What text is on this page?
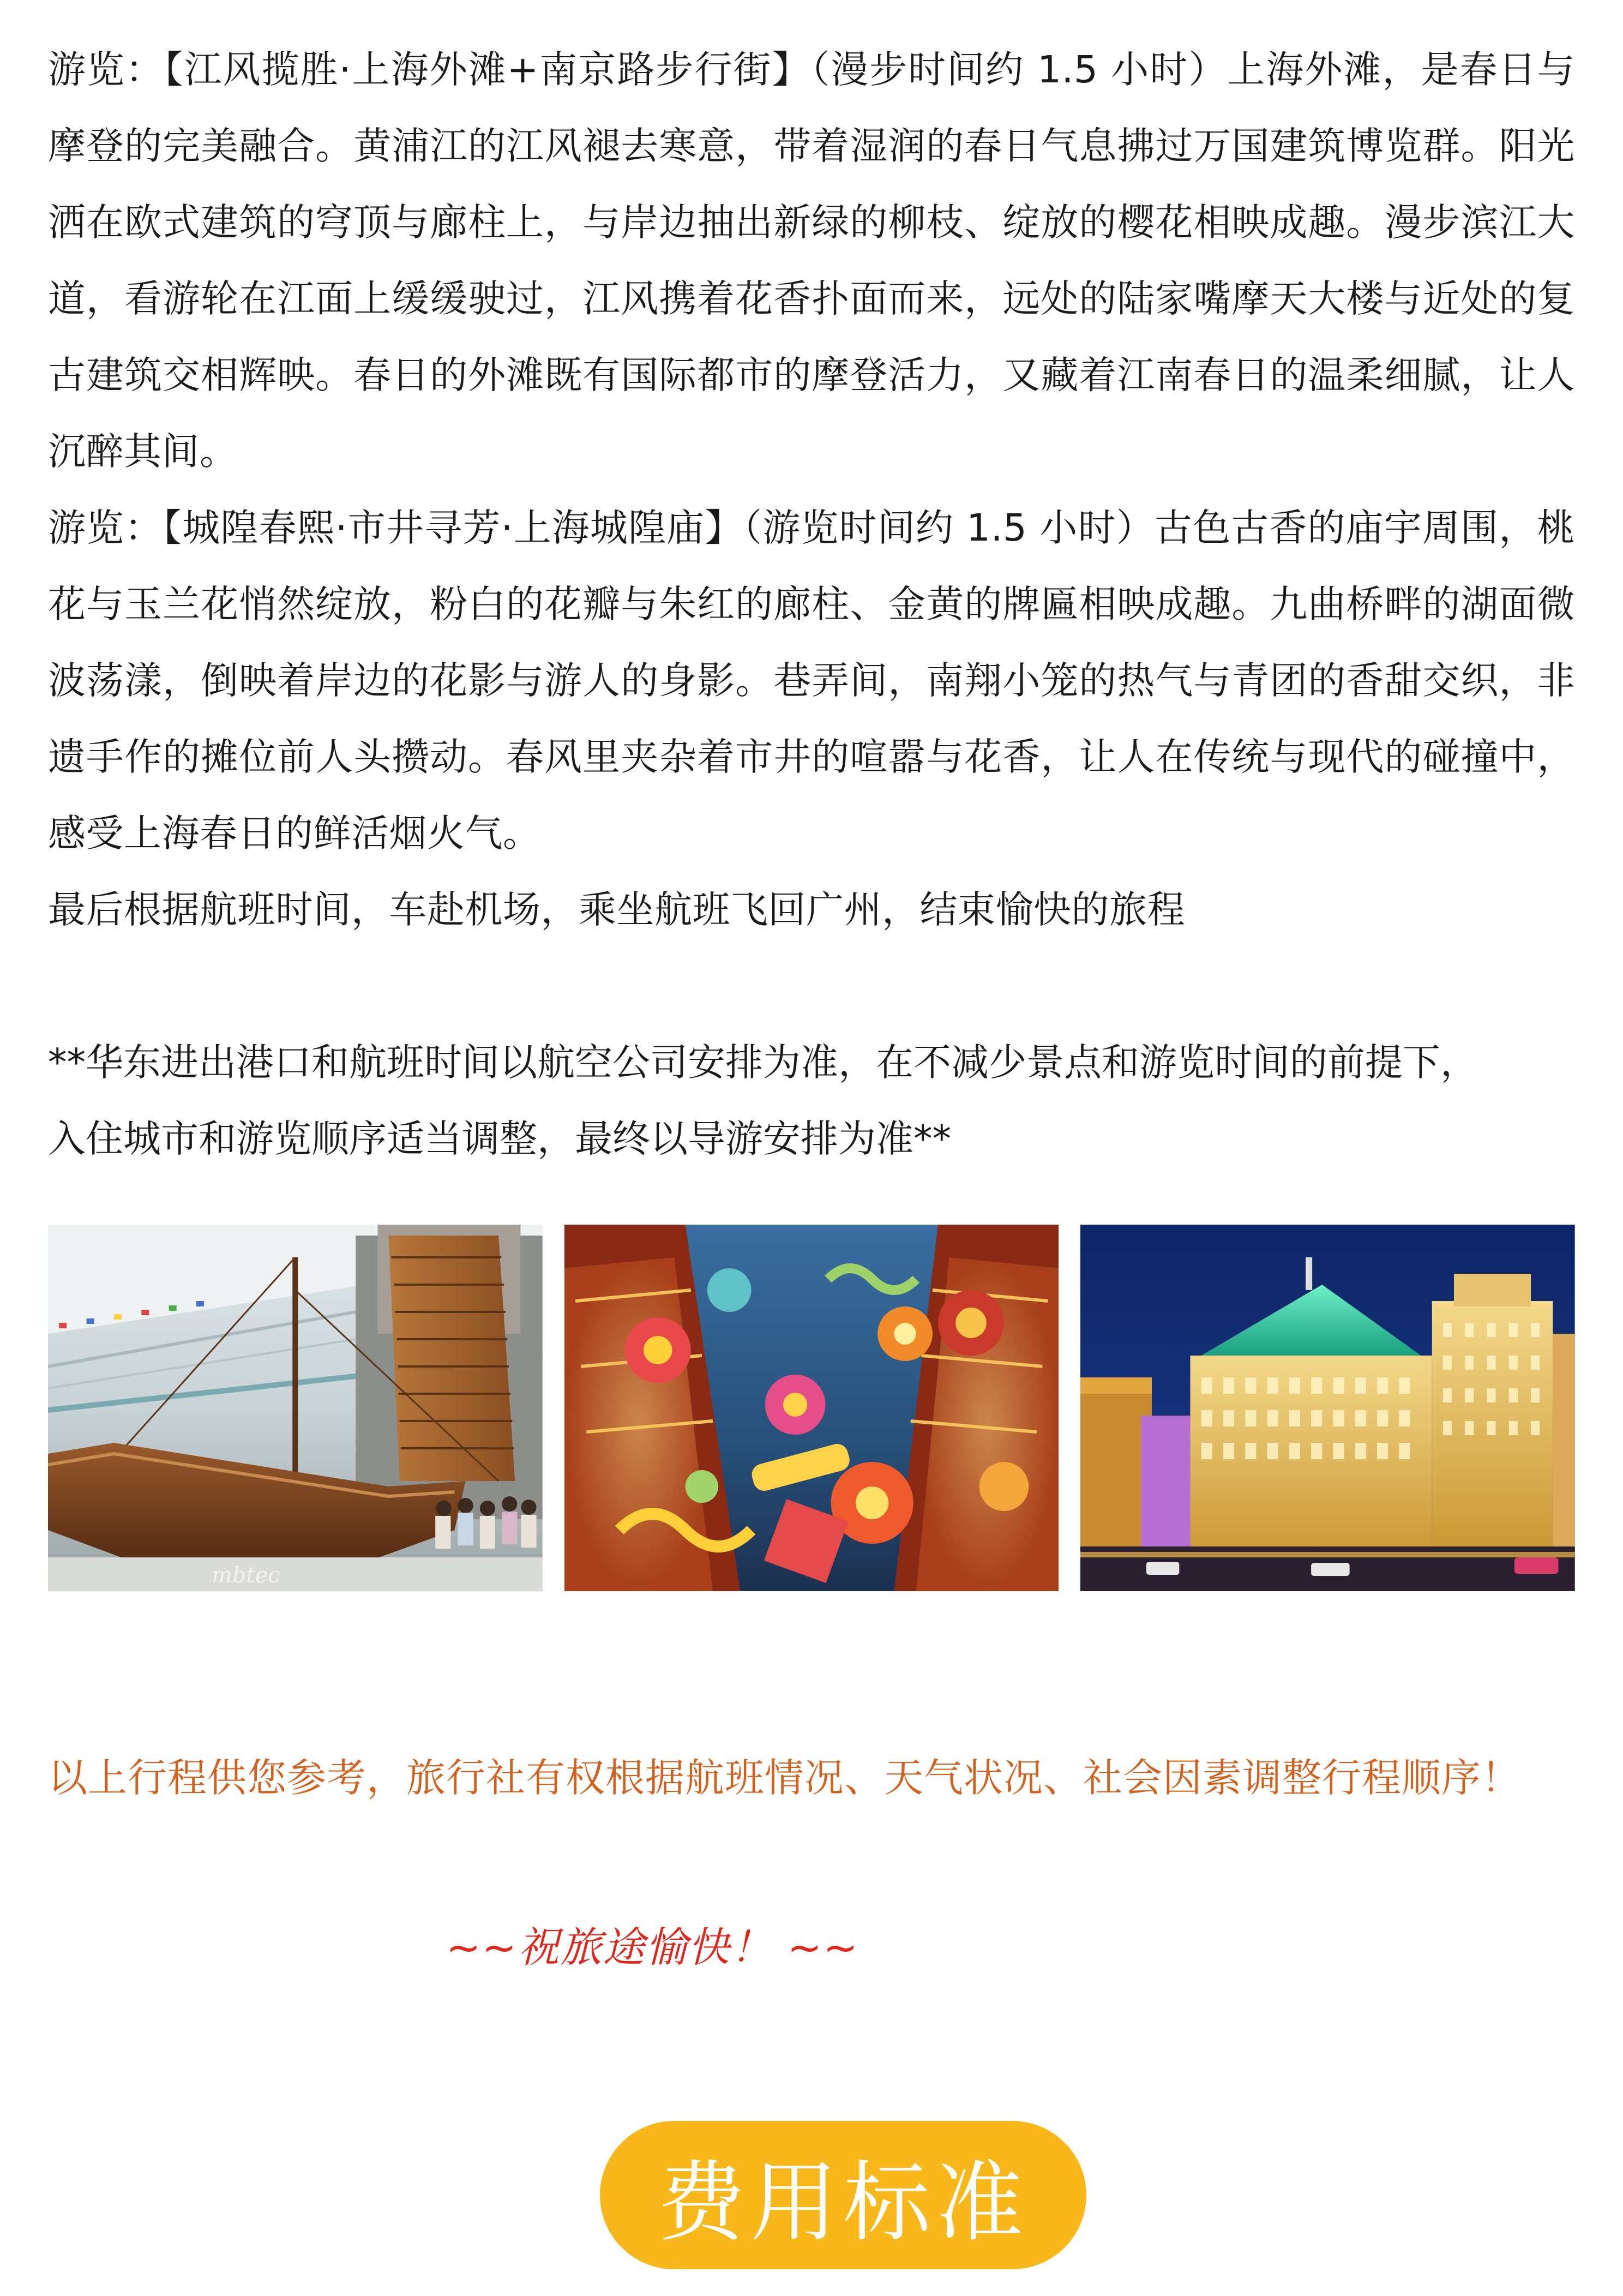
游览：【江风揽胜·上海外滩+南京路步行街】（漫步时间约 1.5 小时）上海外滩，是春日与摩登的完美融合。黄浦江的江风褪去寒意，带着湿润的春日气息拂过万国建筑博览群。阳光洒在欧式建筑的穹顶与廊柱上，与岸边抽出新绿的柳枝、绽放的樱花相映成趣。漫步滨江大道，看游轮在江面上缓缓驶过，江风携着花香扑面而来，远处的陆家嘴摩天大楼与近处的复古建筑交相辉映。春日的外滩既有国际都市的摩登活力，又藏着江南春日的温柔细腻，让人沉醉其间。

游览：【城隍春熙·市井寻芳·上海城隍庙】（游览时间约 1.5 小时）古色古香的庙宇周围，桃花与玉兰花悄然绽放，粉白的花瓣与朱红的廊柱、金黄的牌匾相映成趣。九曲桥畔的湖面微波荡漾，倒映着岸边的花影与游人的身影。巷弄间，南翔小笼的热气与青团的香甜交织，非遗手作的摊位前人头攒动。春风里夹杂着市井的喧嚣与花香，让人在传统与现代的碰撞中，感受上海春日的鲜活烟火气。

最后根据航班时间，车赴机场，乘坐航班飞回广州，结束愉快的旅程

**华东进出港口和航班时间以航空公司安排为准，在不减少景点和游览时间的前提下，

入住城市和游览顺序适当调整，最终以导游安排为准**

mbtec

以上行程供您参考，旅行社有权根据航班情况、天气状况、社会因素调整行程顺序！

~~祝旅途愉快！ ~~

费用标准
